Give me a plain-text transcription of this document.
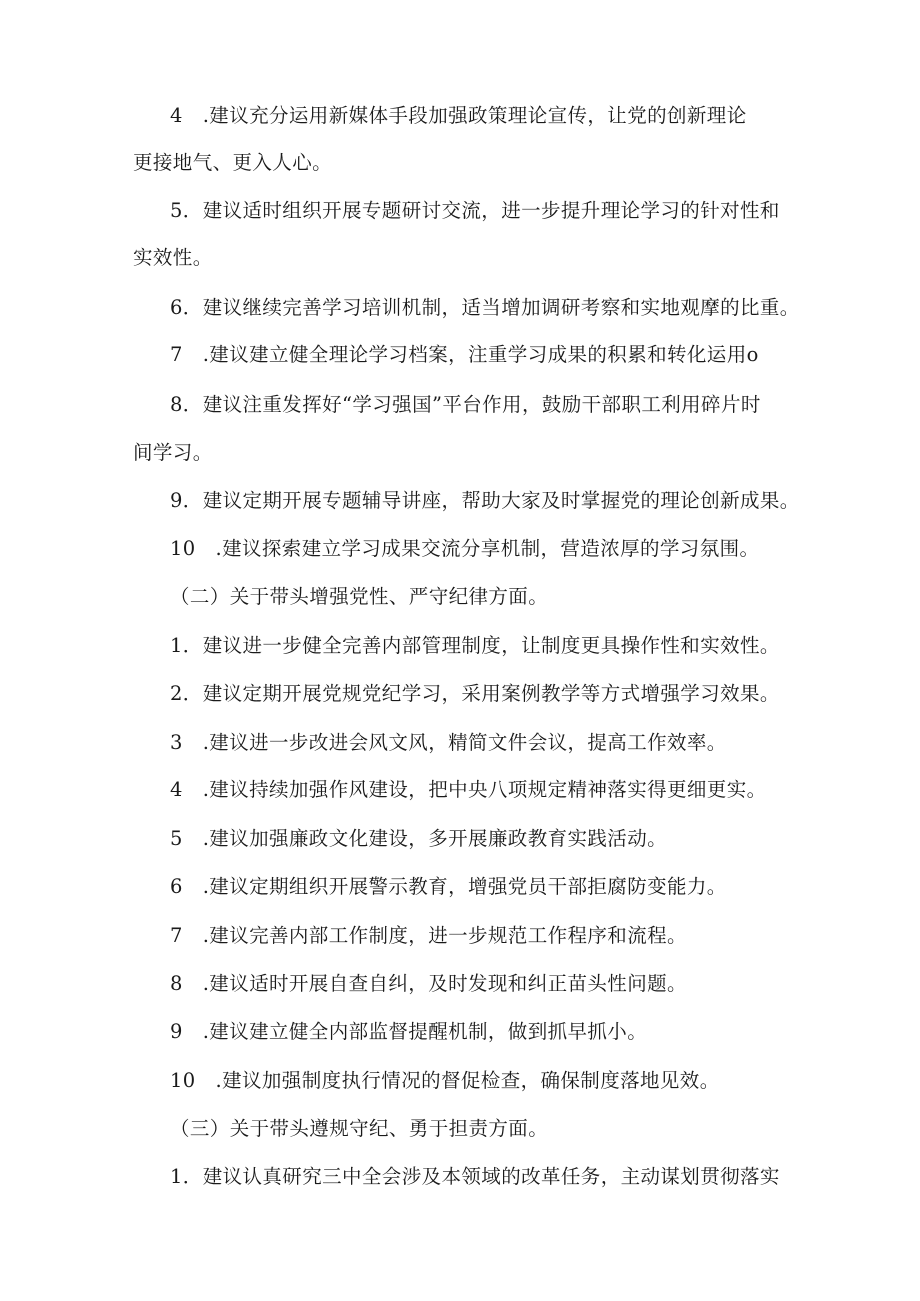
4　.建议充分运用新媒体手段加强政策理论宣传，让党的创新理论
更接地气、更入人心。
5．建议适时组织开展专题研讨交流，进一步提升理论学习的针对性和
实效性。
6．建议继续完善学习培训机制，适当增加调研考察和实地观摩的比重。
7　.建议建立健全理论学习档案，注重学习成果的积累和转化运用o
8．建议注重发挥好“学习强国”平台作用，鼓励干部职工利用碎片时
间学习。
9．建议定期开展专题辅导讲座，帮助大家及时掌握党的理论创新成果。
10　.建议探索建立学习成果交流分享机制，营造浓厚的学习氛围。
（二）关于带头增强党性、严守纪律方面。
1．建议进一步健全完善内部管理制度，让制度更具操作性和实效性。
2．建议定期开展党规党纪学习，采用案例教学等方式增强学习效果。
3　.建议进一步改进会风文风，精简文件会议，提高工作效率。
4　.建议持续加强作风建设，把中央八项规定精神落实得更细更实。
5　.建议加强廉政文化建设，多开展廉政教育实践活动。
6　.建议定期组织开展警示教育，增强党员干部拒腐防变能力。
7　.建议完善内部工作制度，进一步规范工作程序和流程。
8　.建议适时开展自查自纠，及时发现和纠正苗头性问题。
9　.建议建立健全内部监督提醒机制，做到抓早抓小。
10　.建议加强制度执行情况的督促检查，确保制度落地见效。
（三）关于带头遵规守纪、勇于担责方面。
1．建议认真研究三中全会涉及本领域的改革任务，主动谋划贯彻落实
